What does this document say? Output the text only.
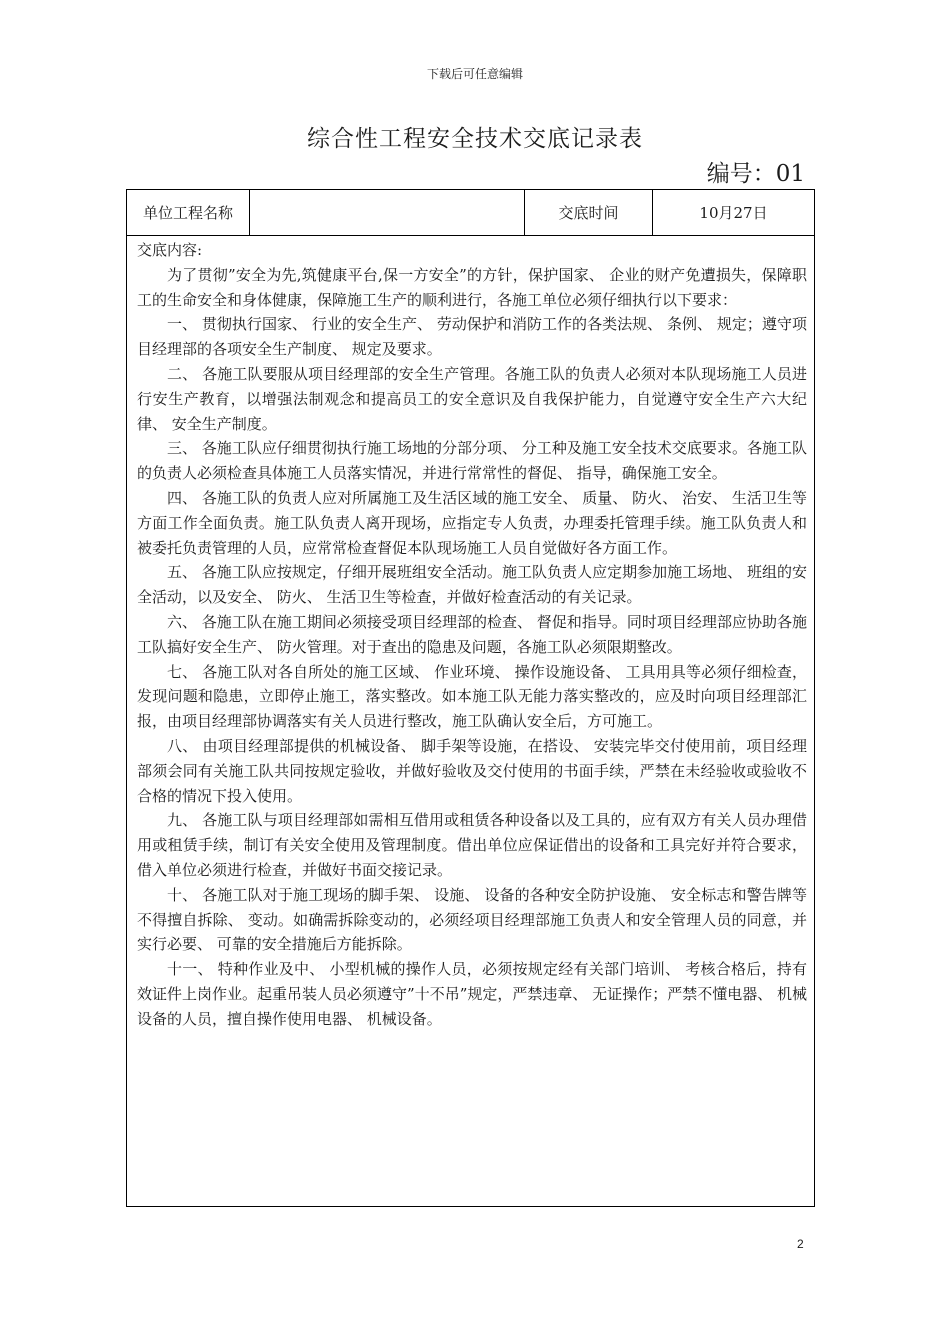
下载后可任意编辑
综合性工程安全技术交底记录表
编号：01
单位工程名称	交底时间	10月27日

交底内容:

为了贯彻”安全为先,筑健康平台,保一方安全”的方针，保护国家、 企业的财产免遭损失，保障职工的生命安全和身体健康，保障施工生产的顺利进行，各施工单位必须仔细执行以下要求：

一、 贯彻执行国家、 行业的安全生产、 劳动保护和消防工作的各类法规、 条例、 规定；遵守项目经理部的各项安全生产制度、 规定及要求。

二、 各施工队要服从项目经理部的安全生产管理。各施工队的负责人必须对本队现场施工人员进行安生产教育，以增强法制观念和提高员工的安全意识及自我保护能力，自觉遵守安全生产六大纪律、 安全生产制度。

三、 各施工队应仔细贯彻执行施工场地的分部分项、 分工种及施工安全技术交底要求。各施工队的负责人必须检查具体施工人员落实情况，并进行常常性的督促、 指导，确保施工安全。

四、 各施工队的负责人应对所属施工及生活区域的施工安全、 质量、 防火、 治安、 生活卫生等方面工作全面负责。施工队负责人离开现场，应指定专人负责，办理委托管理手续。施工队负责人和被委托负责管理的人员，应常常检查督促本队现场施工人员自觉做好各方面工作。

五、 各施工队应按规定，仔细开展班组安全活动。施工队负责人应定期参加施工场地、 班组的安全活动，以及安全、 防火、 生活卫生等检查，并做好检查活动的有关记录。

六、 各施工队在施工期间必须接受项目经理部的检查、 督促和指导。同时项目经理部应协助各施工队搞好安全生产、 防火管理。对于查出的隐患及问题，各施工队必须限期整改。

七、 各施工队对各自所处的施工区域、 作业环境、 操作设施设备、 工具用具等必须仔细检查，发现问题和隐患，立即停止施工，落实整改。如本施工队无能力落实整改的，应及时向项目经理部汇报，由项目经理部协调落实有关人员进行整改，施工队确认安全后，方可施工。

八、 由项目经理部提供的机械设备、 脚手架等设施，在搭设、 安装完毕交付使用前，项目经理部须会同有关施工队共同按规定验收，并做好验收及交付使用的书面手续，严禁在未经验收或验收不合格的情况下投入使用。

九、 各施工队与项目经理部如需相互借用或租赁各种设备以及工具的，应有双方有关人员办理借用或租赁手续，制订有关安全使用及管理制度。借出单位应保证借出的设备和工具完好并符合要求，借入单位必须进行检查，并做好书面交接记录。

十、 各施工队对于施工现场的脚手架、 设施、 设备的各种安全防护设施、 安全标志和警告牌等不得擅自拆除、 变动。如确需拆除变动的，必须经项目经理部施工负责人和安全管理人员的同意，并实行必要、 可靠的安全措施后方能拆除。

十一、 特种作业及中、 小型机械的操作人员，必须按规定经有关部门培训、 考核合格后，持有效证件上岗作业。起重吊装人员必须遵守”十不吊”规定，严禁违章、 无证操作；严禁不懂电器、 机械设备的人员，擅自操作使用电器、 机械设备。

2
